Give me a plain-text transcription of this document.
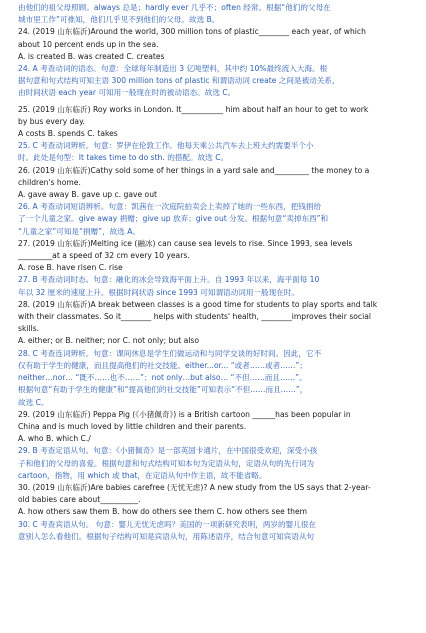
由他们的祖父母照顾。always 总是；hardly ever 几乎不；often 经常。根据“他们的父母在

城市里工作”可推知，他们几乎见不到他们的父母。故选 B。

24. (2019 山东临沂)Around the world, 300 million tons of plastic________ each year, of which

about 10 percent ends up in the sea.

A. is created B. was created C. creates

24. A 考查动词的语态。句意：全球每年制造出 3 亿吨塑料，其中约 10%最终流入大海。根

据句意和句式结构可知主语 300 million tons of plastic 和谓语动词 create 之间是被动关系，

由时间状语 each year 可知用一般现在时的被动语态。故选 C。

25. (2019 山东临沂) Roy works in London. It___________ him about half an hour to get to work

by bus every day.

A costs B. spends C. takes

25. C 考查动词辨析。句意：罗伊在伦敦工作。他每天乘公共汽车去上班大约需要半个小

时。此处是句型：It takes time to do sth. 的搭配。故选 C。

26. (2019 山东临沂)Cathy sold some of her things in a yard sale and_________ the money to a

children's home.

A. gave away B. gave up c. gave out

26. A 考查动词短语辨析。句意：凯茜在一次庭院拍卖会上卖掉了她的一些东西，把钱捐给

了一个儿童之家。give away 捐赠；give up 放弃；give out 分发。根据句意“卖掉东西”和

“儿童之家”可知是“捐赠”，故选 A。

27. (2019 山东临沂)Melting ice (融冰) can cause sea levels to rise. Since 1993, sea levels

_________at a speed of 32 cm every 10 years.

A. rose B. have risen C. rise

27. B 考查动词时态。句意：融化的冰会导致海平面上升。自 1993 年以来，海平面每 10

年以 32 厘米的速度上升。根据时间状语 since 1993 可知谓语动词用一般现在时。

28. (2019 山东临沂)A break between classes is a good time for students to play sports and talk

with their classmates. So it________ helps with students' health, ________improves their social

skills.

A. either; or B. neither; nor C. not only; but also

28. C 考查连词辨析。句意：课间休息是学生们做运动和与同学交谈的好时间。因此，它不

仅有助于学生的健康，而且提高他们的社交技能。either...or... “或者……或者……”；

neither…nor… “既不……也不……”；not only…but also… “不但……而且……”。

根据句意“有助于学生的健康”和“提高他们的社交技能”可知表示“不但……而且……”，

故选 C。

29. (2019 山东临沂) Peppa Pig (《小猪佩奇》) is a British cartoon ______has been popular in

China and is much loved by little children and their parents.

A. who B. which C./

29. B 考查定语从句。句意：《小猪佩奇》是一部英国卡通片，在中国很受欢迎，深受小孩

子和他们的父母的喜爱。根据句意和句式结构可知本句为定语从句，定语从句的先行词为

cartoon，指物，用 which 或 that，在定语从句中作主语，故不能省略。

30. (2019 山东临沂)Are babies carefree (无忧无虑)? A new study from the US says that 2-year-

old babies care about__________.

A. how others saw them B. how do others see them C. how others see them

30. C 考查宾语从句。 句意：婴儿无忧无虑吗？美国的一项新研究表明，两岁的婴儿很在

意别人怎么看他们。根据句子结构可知是宾语从句，用陈述语序，结合句意可知宾语从句
